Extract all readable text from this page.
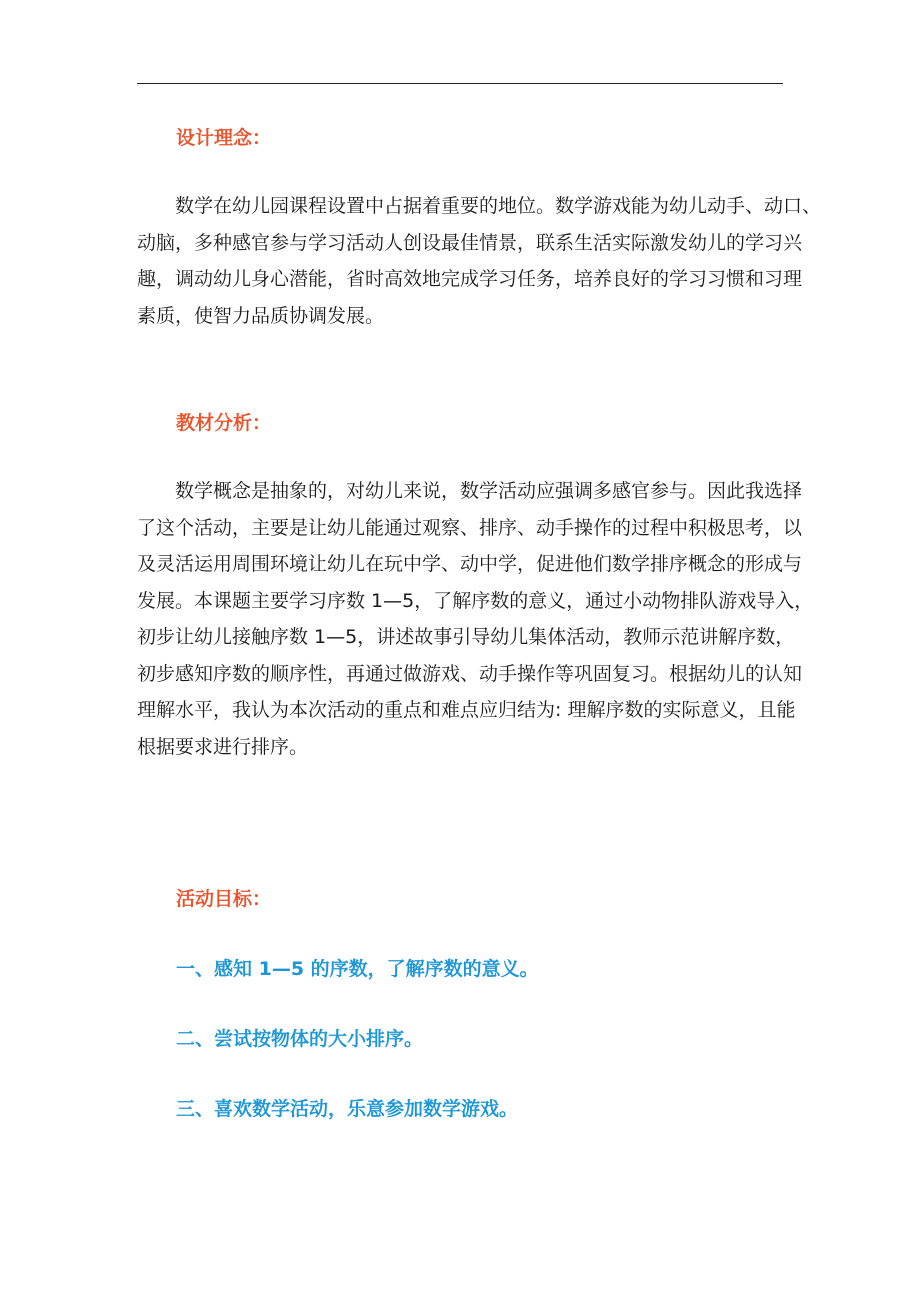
设计理念：
数学在幼儿园课程设置中占据着重要的地位。数学游戏能为幼儿动手、动口、
动脑，多种感官参与学习活动人创设最佳情景，联系生活实际激发幼儿的学习兴
趣，调动幼儿身心潜能，省时高效地完成学习任务，培养良好的学习习惯和习理
素质，使智力品质协调发展。
教材分析：
数学概念是抽象的，对幼儿来说，数学活动应强调多感官参与。因此我选择
了这个活动，主要是让幼儿能通过观察、排序、动手操作的过程中积极思考，以
及灵活运用周围环境让幼儿在玩中学、动中学，促进他们数学排序概念的形成与
发展。本课题主要学习序数 1—5，了解序数的意义，通过小动物排队游戏导入，
初步让幼儿接触序数 1—5，讲述故事引导幼儿集体活动，教师示范讲解序数，
初步感知序数的顺序性，再通过做游戏、动手操作等巩固复习。根据幼儿的认知
理解水平，我认为本次活动的重点和难点应归结为: 理解序数的实际意义，且能
根据要求进行排序。
活动目标：
一、感知 1—5 的序数，了解序数的意义。
二、尝试按物体的大小排序。
三、喜欢数学活动，乐意参加数学游戏。
